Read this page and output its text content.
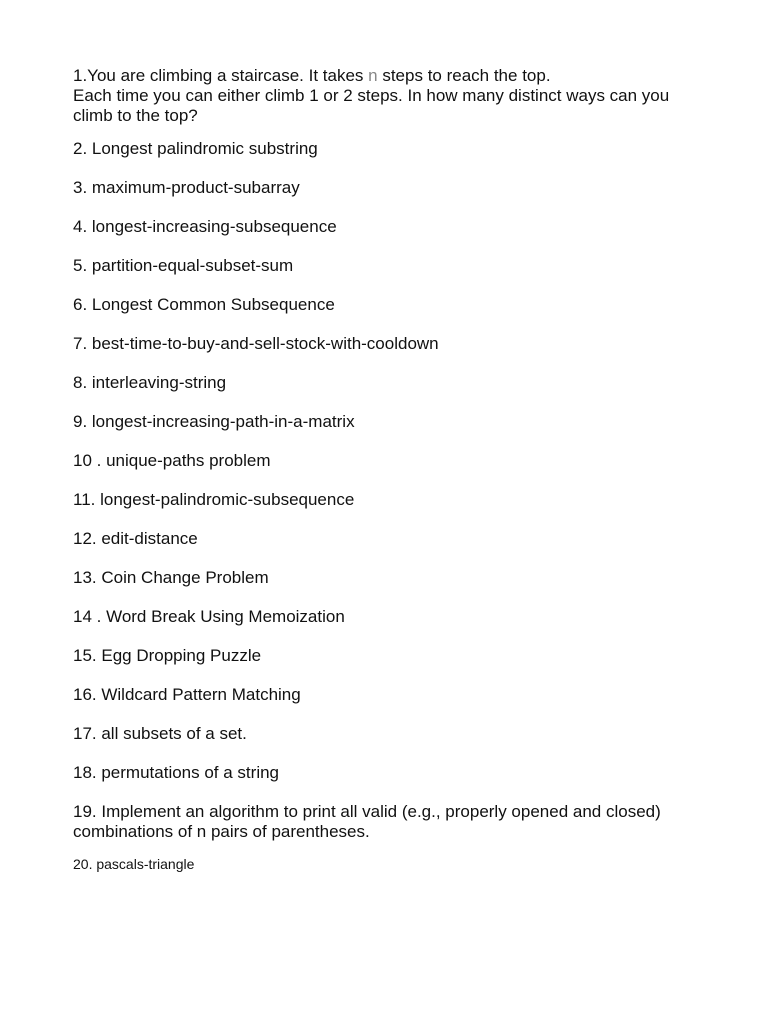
1.You are climbing a staircase. It takes n steps to reach the top.
Each time you can either climb 1 or 2 steps. In how many distinct ways can you climb to the top?
2. Longest palindromic substring
3. maximum-product-subarray
4. longest-increasing-subsequence
5. partition-equal-subset-sum
6. Longest Common Subsequence
7. best-time-to-buy-and-sell-stock-with-cooldown
8. interleaving-string
9. longest-increasing-path-in-a-matrix
10 . unique-paths problem
11. longest-palindromic-subsequence
12. edit-distance
13. Coin Change Problem
14 . Word Break Using Memoization
15. Egg Dropping Puzzle
16. Wildcard Pattern Matching
17. all subsets of a set.
18. permutations of a string
19. Implement an algorithm to print all valid (e.g., properly opened and closed) combinations of n pairs of parentheses.
20. pascals-triangle
